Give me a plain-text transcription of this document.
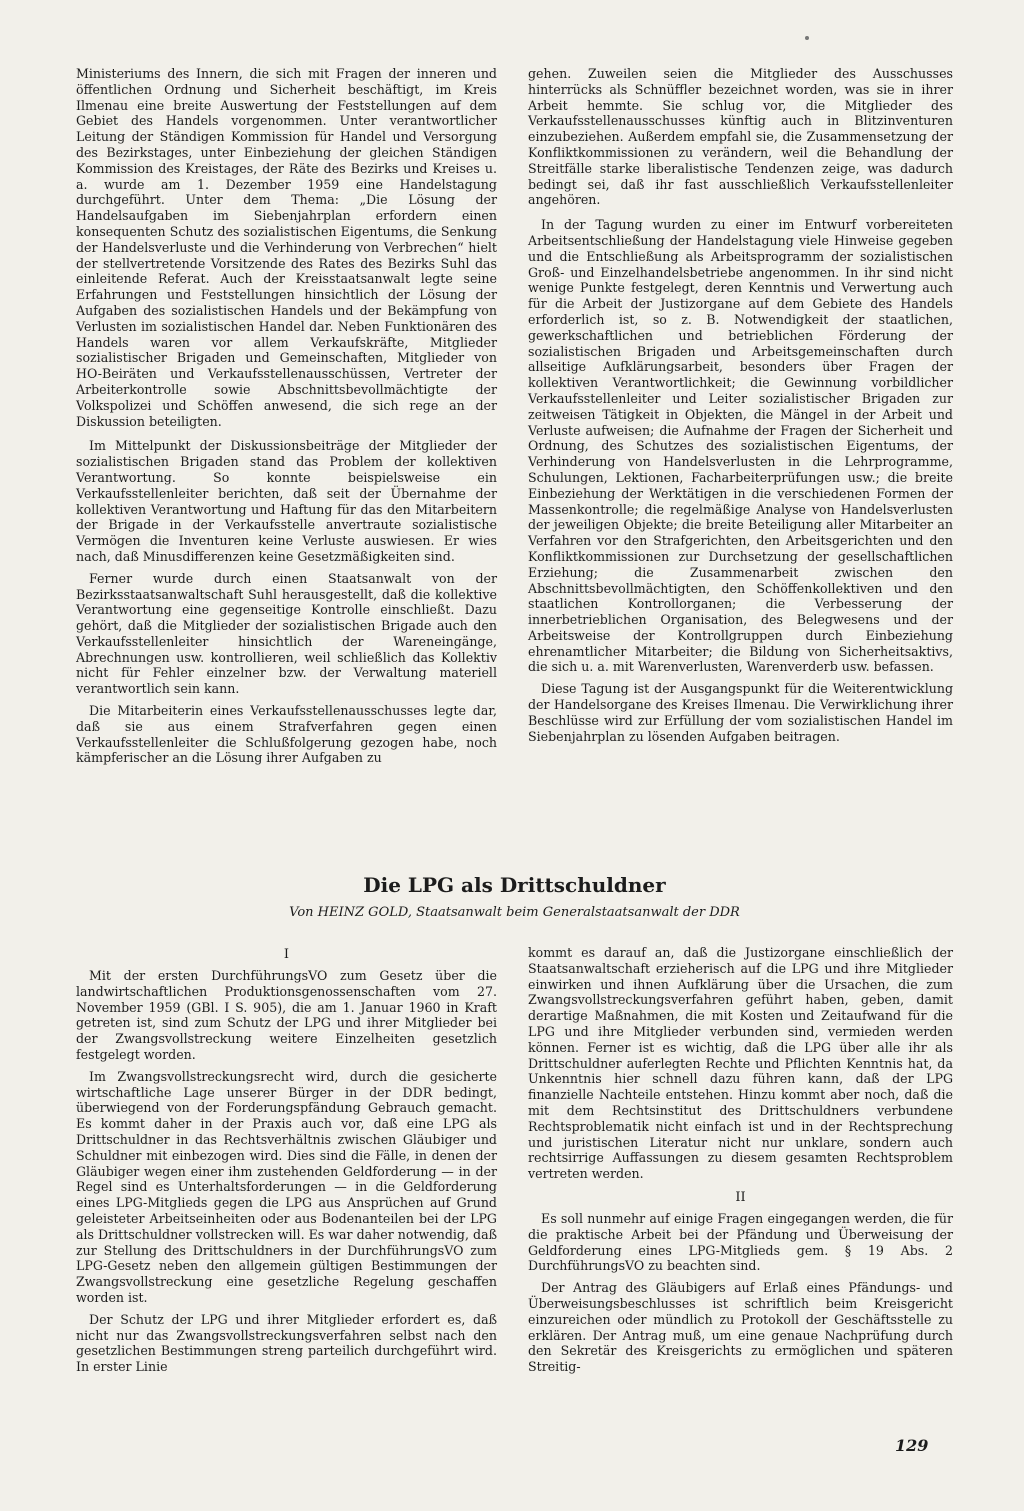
Ministeriums des Innern, die sich mit Fragen der inneren und öffentlichen Ordnung und Sicherheit beschäftigt, im Kreis Ilmenau eine breite Auswertung der Feststellungen auf dem Gebiet des Handels vorgenommen. Unter verantwortlicher Leitung der Ständigen Kommission für Handel und Versorgung des Bezirkstages, unter Einbeziehung der gleichen Ständigen Kommission des Kreistages, der Räte des Bezirks und Kreises u. a. wurde am 1. Dezember 1959 eine Handelstagung durchgeführt. Unter dem Thema: „Die Lösung der Handelsaufgaben im Siebenjahrplan erfordern einen konsequenten Schutz des sozialistischen Eigentums, die Senkung der Handelsverluste und die Verhinderung von Verbrechen“ hielt der stellvertretende Vorsitzende des Rates des Bezirks Suhl das einleitende Referat. Auch der Kreisstaatsanwalt legte seine Erfahrungen und Feststellungen hinsichtlich der Lösung der Aufgaben des sozialistischen Handels und der Bekämpfung von Verlusten im sozialistischen Handel dar. Neben Funktionären des Handels waren vor allem Verkaufskräfte, Mitglieder sozialistischer Brigaden und Gemeinschaften, Mitglieder von HO-Beiräten und Verkaufsstellenausschüssen, Vertreter der Arbeiterkontrolle sowie Abschnittsbevollmächtigte der Volkspolizei und Schöffen anwesend, die sich rege an der Diskussion beteiligten.

Im Mittelpunkt der Diskussionsbeiträge der Mitglieder der sozialistischen Brigaden stand das Problem der kollektiven Verantwortung. So konnte beispielsweise ein Verkaufsstellenleiter berichten, daß seit der Übernahme der kollektiven Verantwortung und Haftung für das den Mitarbeitern der Brigade in der Verkaufsstelle anvertraute sozialistische Vermögen die Inventuren keine Verluste auswiesen. Er wies nach, daß Minusdifferenzen keine Gesetzmäßigkeiten sind.

Ferner wurde durch einen Staatsanwalt von der Bezirksstaatsanwaltschaft Suhl herausgestellt, daß die kollektive Verantwortung eine gegenseitige Kontrolle einschließt. Dazu gehört, daß die Mitglieder der sozialistischen Brigade auch den Verkaufsstellenleiter hinsichtlich der Wareneingänge, Abrechnungen usw. kontrollieren, weil schließlich das Kollektiv nicht für Fehler einzelner bzw. der Verwaltung materiell verantwortlich sein kann.

Die Mitarbeiterin eines Verkaufsstellenausschusses legte dar, daß sie aus einem Strafverfahren gegen einen Verkaufsstellenleiter die Schlußfolgerung gezogen habe, noch kämpferischer an die Lösung ihrer Aufgaben zu

gehen. Zuweilen seien die Mitglieder des Ausschusses hinterrücks als Schnüffler bezeichnet worden, was sie in ihrer Arbeit hemmte. Sie schlug vor, die Mitglieder des Verkaufsstellenausschusses künftig auch in Blitzinventuren einzubeziehen. Außerdem empfahl sie, die Zusammensetzung der Konfliktkommissionen zu verändern, weil die Behandlung der Streitfälle starke liberalistische Tendenzen zeige, was dadurch bedingt sei, daß ihr fast ausschließlich Verkaufsstellenleiter angehören.

In der Tagung wurden zu einer im Entwurf vorbereiteten Arbeitsentschließung der Handelstagung viele Hinweise gegeben und die Entschließung als Arbeitsprogramm der sozialistischen Groß- und Einzelhandelsbetriebe angenommen. In ihr sind nicht wenige Punkte festgelegt, deren Kenntnis und Verwertung auch für die Arbeit der Justizorgane auf dem Gebiete des Handels erforderlich ist, so z. B. Notwendigkeit der staatlichen, gewerkschaftlichen und betrieblichen Förderung der sozialistischen Brigaden und Arbeitsgemeinschaften durch allseitige Aufklärungsarbeit, besonders über Fragen der kollektiven Verantwortlichkeit; die Gewinnung vorbildlicher Verkaufsstellenleiter und Leiter sozialistischer Brigaden zur zeitweisen Tätigkeit in Objekten, die Mängel in der Arbeit und Verluste aufweisen; die Aufnahme der Fragen der Sicherheit und Ordnung, des Schutzes des sozialistischen Eigentums, der Verhinderung von Handelsverlusten in die Lehrprogramme, Schulungen, Lektionen, Facharbeiterprüfungen usw.; die breite Einbeziehung der Werktätigen in die verschiedenen Formen der Massenkontrolle; die regelmäßige Analyse von Handelsverlusten der jeweiligen Objekte; die breite Beteiligung aller Mitarbeiter an Verfahren vor den Strafgerichten, den Arbeitsgerichten und den Konfliktkommissionen zur Durchsetzung der gesellschaftlichen Erziehung; die Zusammenarbeit zwischen den Abschnittsbevollmächtigten, den Schöffenkollektiven und den staatlichen Kontrollorganen; die Verbesserung der innerbetrieblichen Organisation, des Belegwesens und der Arbeitsweise der Kontrollgruppen durch Einbeziehung ehrenamtlicher Mitarbeiter; die Bildung von Sicherheitsaktivs, die sich u. a. mit Warenverlusten, Warenverderb usw. befassen.

Diese Tagung ist der Ausgangspunkt für die Weiterentwicklung der Handelsorgane des Kreises Ilmenau. Die Verwirklichung ihrer Beschlüsse wird zur Erfüllung der vom sozialistischen Handel im Siebenjahrplan zu lösenden Aufgaben beitragen.

Die LPG als Drittschuldner
Von HEINZ GOLD, Staatsanwalt beim Generalstaatsanwalt der DDR

I

Mit der ersten DurchführungsVO zum Gesetz über die landwirtschaftlichen Produktionsgenossenschaften vom 27. November 1959 (GBl. I S. 905), die am 1. Januar 1960 in Kraft getreten ist, sind zum Schutz der LPG und ihrer Mitglieder bei der Zwangsvollstreckung weitere Einzelheiten gesetzlich festgelegt worden.

Im Zwangsvollstreckungsrecht wird, durch die gesicherte wirtschaftliche Lage unserer Bürger in der DDR bedingt, überwiegend von der Forderungspfändung Gebrauch gemacht. Es kommt daher in der Praxis auch vor, daß eine LPG als Drittschuldner in das Rechtsverhältnis zwischen Gläubiger und Schuldner mit einbezogen wird. Dies sind die Fälle, in denen der Gläubiger wegen einer ihm zustehenden Geldforderung — in der Regel sind es Unterhaltsforderungen — in die Geldforderung eines LPG-Mitglieds gegen die LPG aus Ansprüchen auf Grund geleisteter Arbeitseinheiten oder aus Bodenanteilen bei der LPG als Drittschuldner vollstrecken will. Es war daher notwendig, daß zur Stellung des Drittschuldners in der DurchführungsVO zum LPG-Gesetz neben den allgemein gültigen Bestimmungen der Zwangsvollstreckung eine gesetzliche Regelung geschaffen worden ist.

Der Schutz der LPG und ihrer Mitglieder erfordert es, daß nicht nur das Zwangsvollstreckungsverfahren selbst nach den gesetzlichen Bestimmungen streng parteilich durchgeführt wird. In erster Linie

kommt es darauf an, daß die Justizorgane einschließlich der Staatsanwaltschaft erzieherisch auf die LPG und ihre Mitglieder einwirken und ihnen Aufklärung über die Ursachen, die zum Zwangsvollstreckungsverfahren geführt haben, geben, damit derartige Maßnahmen, die mit Kosten und Zeitaufwand für die LPG und ihre Mitglieder verbunden sind, vermieden werden können. Ferner ist es wichtig, daß die LPG über alle ihr als Drittschuldner auferlegten Rechte und Pflichten Kenntnis hat, da Unkenntnis hier schnell dazu führen kann, daß der LPG finanzielle Nachteile entstehen. Hinzu kommt aber noch, daß die mit dem Rechtsinstitut des Drittschuldners verbundene Rechtsproblematik nicht einfach ist und in der Rechtsprechung und juristischen Literatur nicht nur unklare, sondern auch rechtsirrige Auffassungen zu diesem gesamten Rechtsproblem vertreten werden.

II

Es soll nunmehr auf einige Fragen eingegangen werden, die für die praktische Arbeit bei der Pfändung und Überweisung der Geldforderung eines LPG-Mitglieds gem. § 19 Abs. 2 DurchführungsVO zu beachten sind.

Der Antrag des Gläubigers auf Erlaß eines Pfändungs- und Überweisungsbeschlusses ist schriftlich beim Kreisgericht einzureichen oder mündlich zu Protokoll der Geschäftsstelle zu erklären. Der Antrag muß, um eine genaue Nachprüfung durch den Sekretär des Kreisgerichts zu ermöglichen und späteren Streitig-

129
